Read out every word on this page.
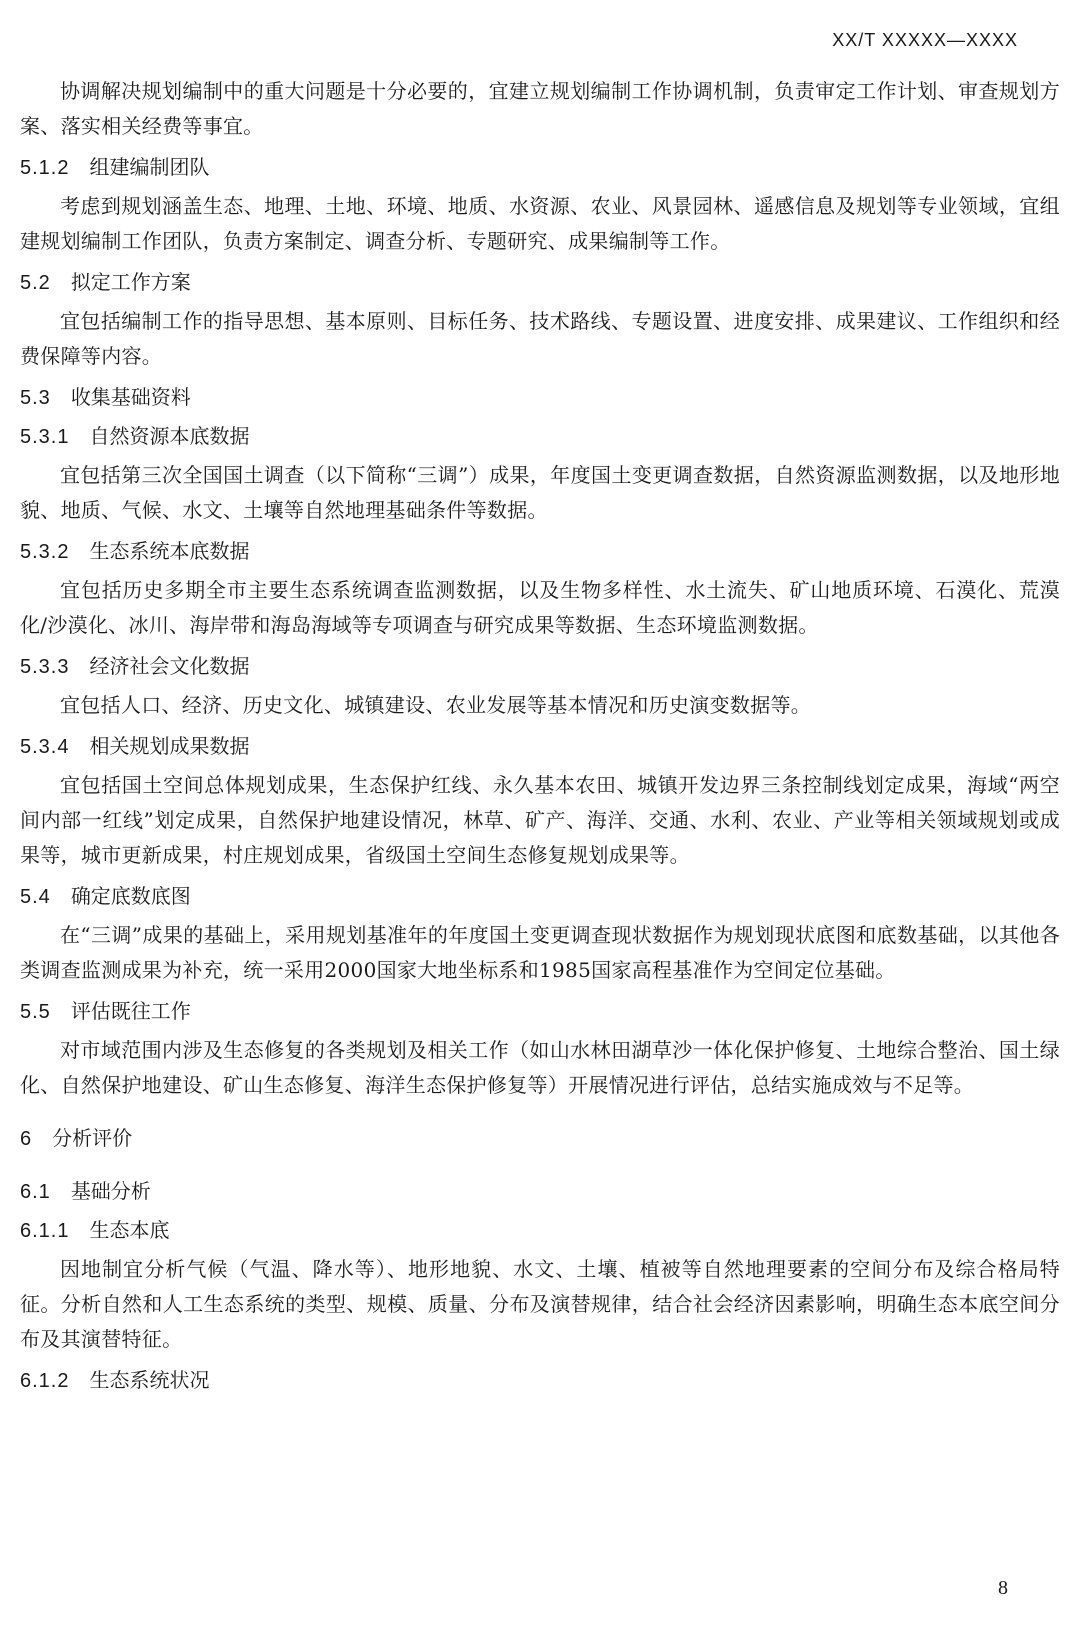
XX/T XXXXX—XXXX

协调解决规划编制中的重大问题是十分必要的，宜建立规划编制工作协调机制，负责审定工作计划、审查规划方案、落实相关经费等事宜。

5.1.2 组建编制团队

考虑到规划涵盖生态、地理、土地、环境、地质、水资源、农业、风景园林、遥感信息及规划等专业领域，宜组建规划编制工作团队，负责方案制定、调查分析、专题研究、成果编制等工作。

5.2 拟定工作方案

宜包括编制工作的指导思想、基本原则、目标任务、技术路线、专题设置、进度安排、成果建议、工作组织和经费保障等内容。

5.3 收集基础资料
5.3.1 自然资源本底数据

宜包括第三次全国国土调查（以下简称“三调”）成果，年度国土变更调查数据，自然资源监测数据，以及地形地貌、地质、气候、水文、土壤等自然地理基础条件等数据。

5.3.2 生态系统本底数据

宜包括历史多期全市主要生态系统调查监测数据，以及生物多样性、水土流失、矿山地质环境、石漠化、荒漠化/沙漠化、冰川、海岸带和海岛海域等专项调查与研究成果等数据、生态环境监测数据。

5.3.3 经济社会文化数据

宜包括人口、经济、历史文化、城镇建设、农业发展等基本情况和历史演变数据等。

5.3.4 相关规划成果数据

宜包括国土空间总体规划成果，生态保护红线、永久基本农田、城镇开发边界三条控制线划定成果，海域“两空间内部一红线”划定成果，自然保护地建设情况，林草、矿产、海洋、交通、水利、农业、产业等相关领域规划或成果等，城市更新成果，村庄规划成果，省级国土空间生态修复规划成果等。

5.4 确定底数底图

在“三调”成果的基础上，采用规划基准年的年度国土变更调查现状数据作为规划现状底图和底数基础，以其他各类调查监测成果为补充，统一采用2000国家大地坐标系和1985国家高程基准作为空间定位基础。

5.5 评估既往工作

对市域范围内涉及生态修复的各类规划及相关工作（如山水林田湖草沙一体化保护修复、土地综合整治、国土绿化、自然保护地建设、矿山生态修复、海洋生态保护修复等）开展情况进行评估，总结实施成效与不足等。

6 分析评价
6.1 基础分析
6.1.1 生态本底

因地制宜分析气候（气温、降水等）、地形地貌、水文、土壤、植被等自然地理要素的空间分布及综合格局特征。分析自然和人工生态系统的类型、规模、质量、分布及演替规律，结合社会经济因素影响，明确生态本底空间分布及其演替特征。

6.1.2 生态系统状况
8
